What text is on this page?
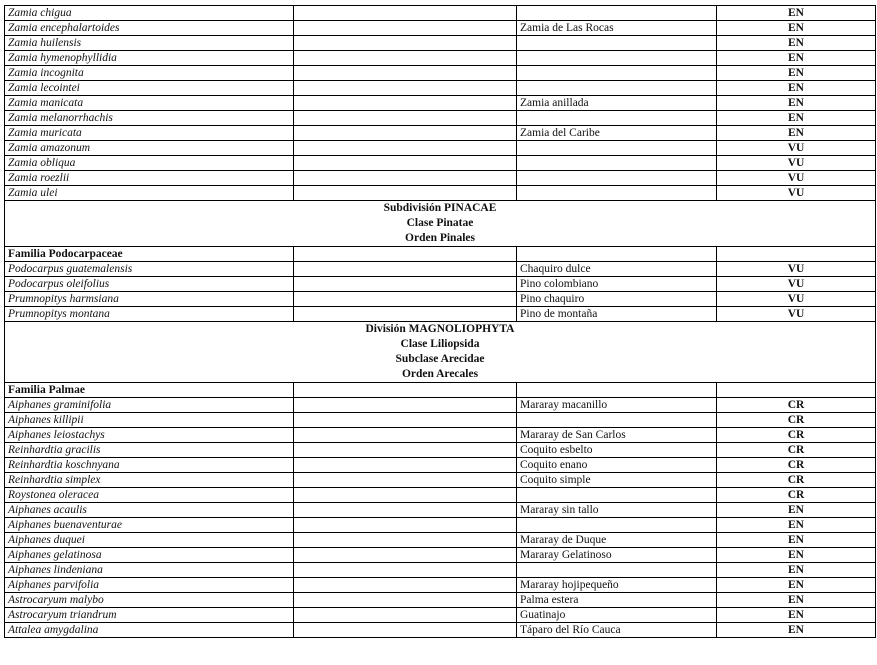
Zamia chigua			EN
Zamia encephalartoides		Zamia de Las Rocas	EN
Zamia huilensis			EN
Zamia hymenophyllidia			EN
Zamia incognita			EN
Zamia lecointei			EN
Zamia manicata		Zamia anillada	EN
Zamia melanorrhachis			EN
Zamia muricata		Zamia del Caribe	EN
Zamia amazonum			VU
Zamia obliqua			VU
Zamia roezlii			VU
Zamia ulei			VU

Subdivisión PINACAE
Clase Pinatae
Orden Pinales			

Familia Podocarpaceae			
Podocarpus guatemalensis		Chaquiro dulce	VU
Podocarpus oleifolius		Pino colombiano	VU
Prumnopitys harmsiana		Pino chaquiro	VU
Prumnopitys montana		Pino de montaña	VU

División MAGNOLIOPHYTA
Clase Liliopsida
Subclase Arecidae
Orden Arecales			

Familia Palmae			
Aiphanes graminifolia		Mararay macanillo	CR
Aiphanes killipii			CR
Aiphanes leiostachys		Mararay de San Carlos	CR
Reinhardtia gracilis		Coquito esbelto	CR
Reinhardtia koschnyana		Coquito enano	CR
Reinhardtia simplex		Coquito simple	CR
Roystonea oleracea			CR
Aiphanes acaulis		Mararay sin tallo	EN
Aiphanes buenaventurae			EN
Aiphanes duquei		Mararay de Duque	EN
Aiphanes gelatinosa		Mararay Gelatinoso	EN
Aiphanes lindeniana			EN
Aiphanes parvifolia		Mararay hojipequeño	EN
Astrocaryum malybo		Palma estera	EN
Astrocaryum triandrum		Guatinajo	EN
Attalea amygdalina		Táparo del Río Cauca	EN
